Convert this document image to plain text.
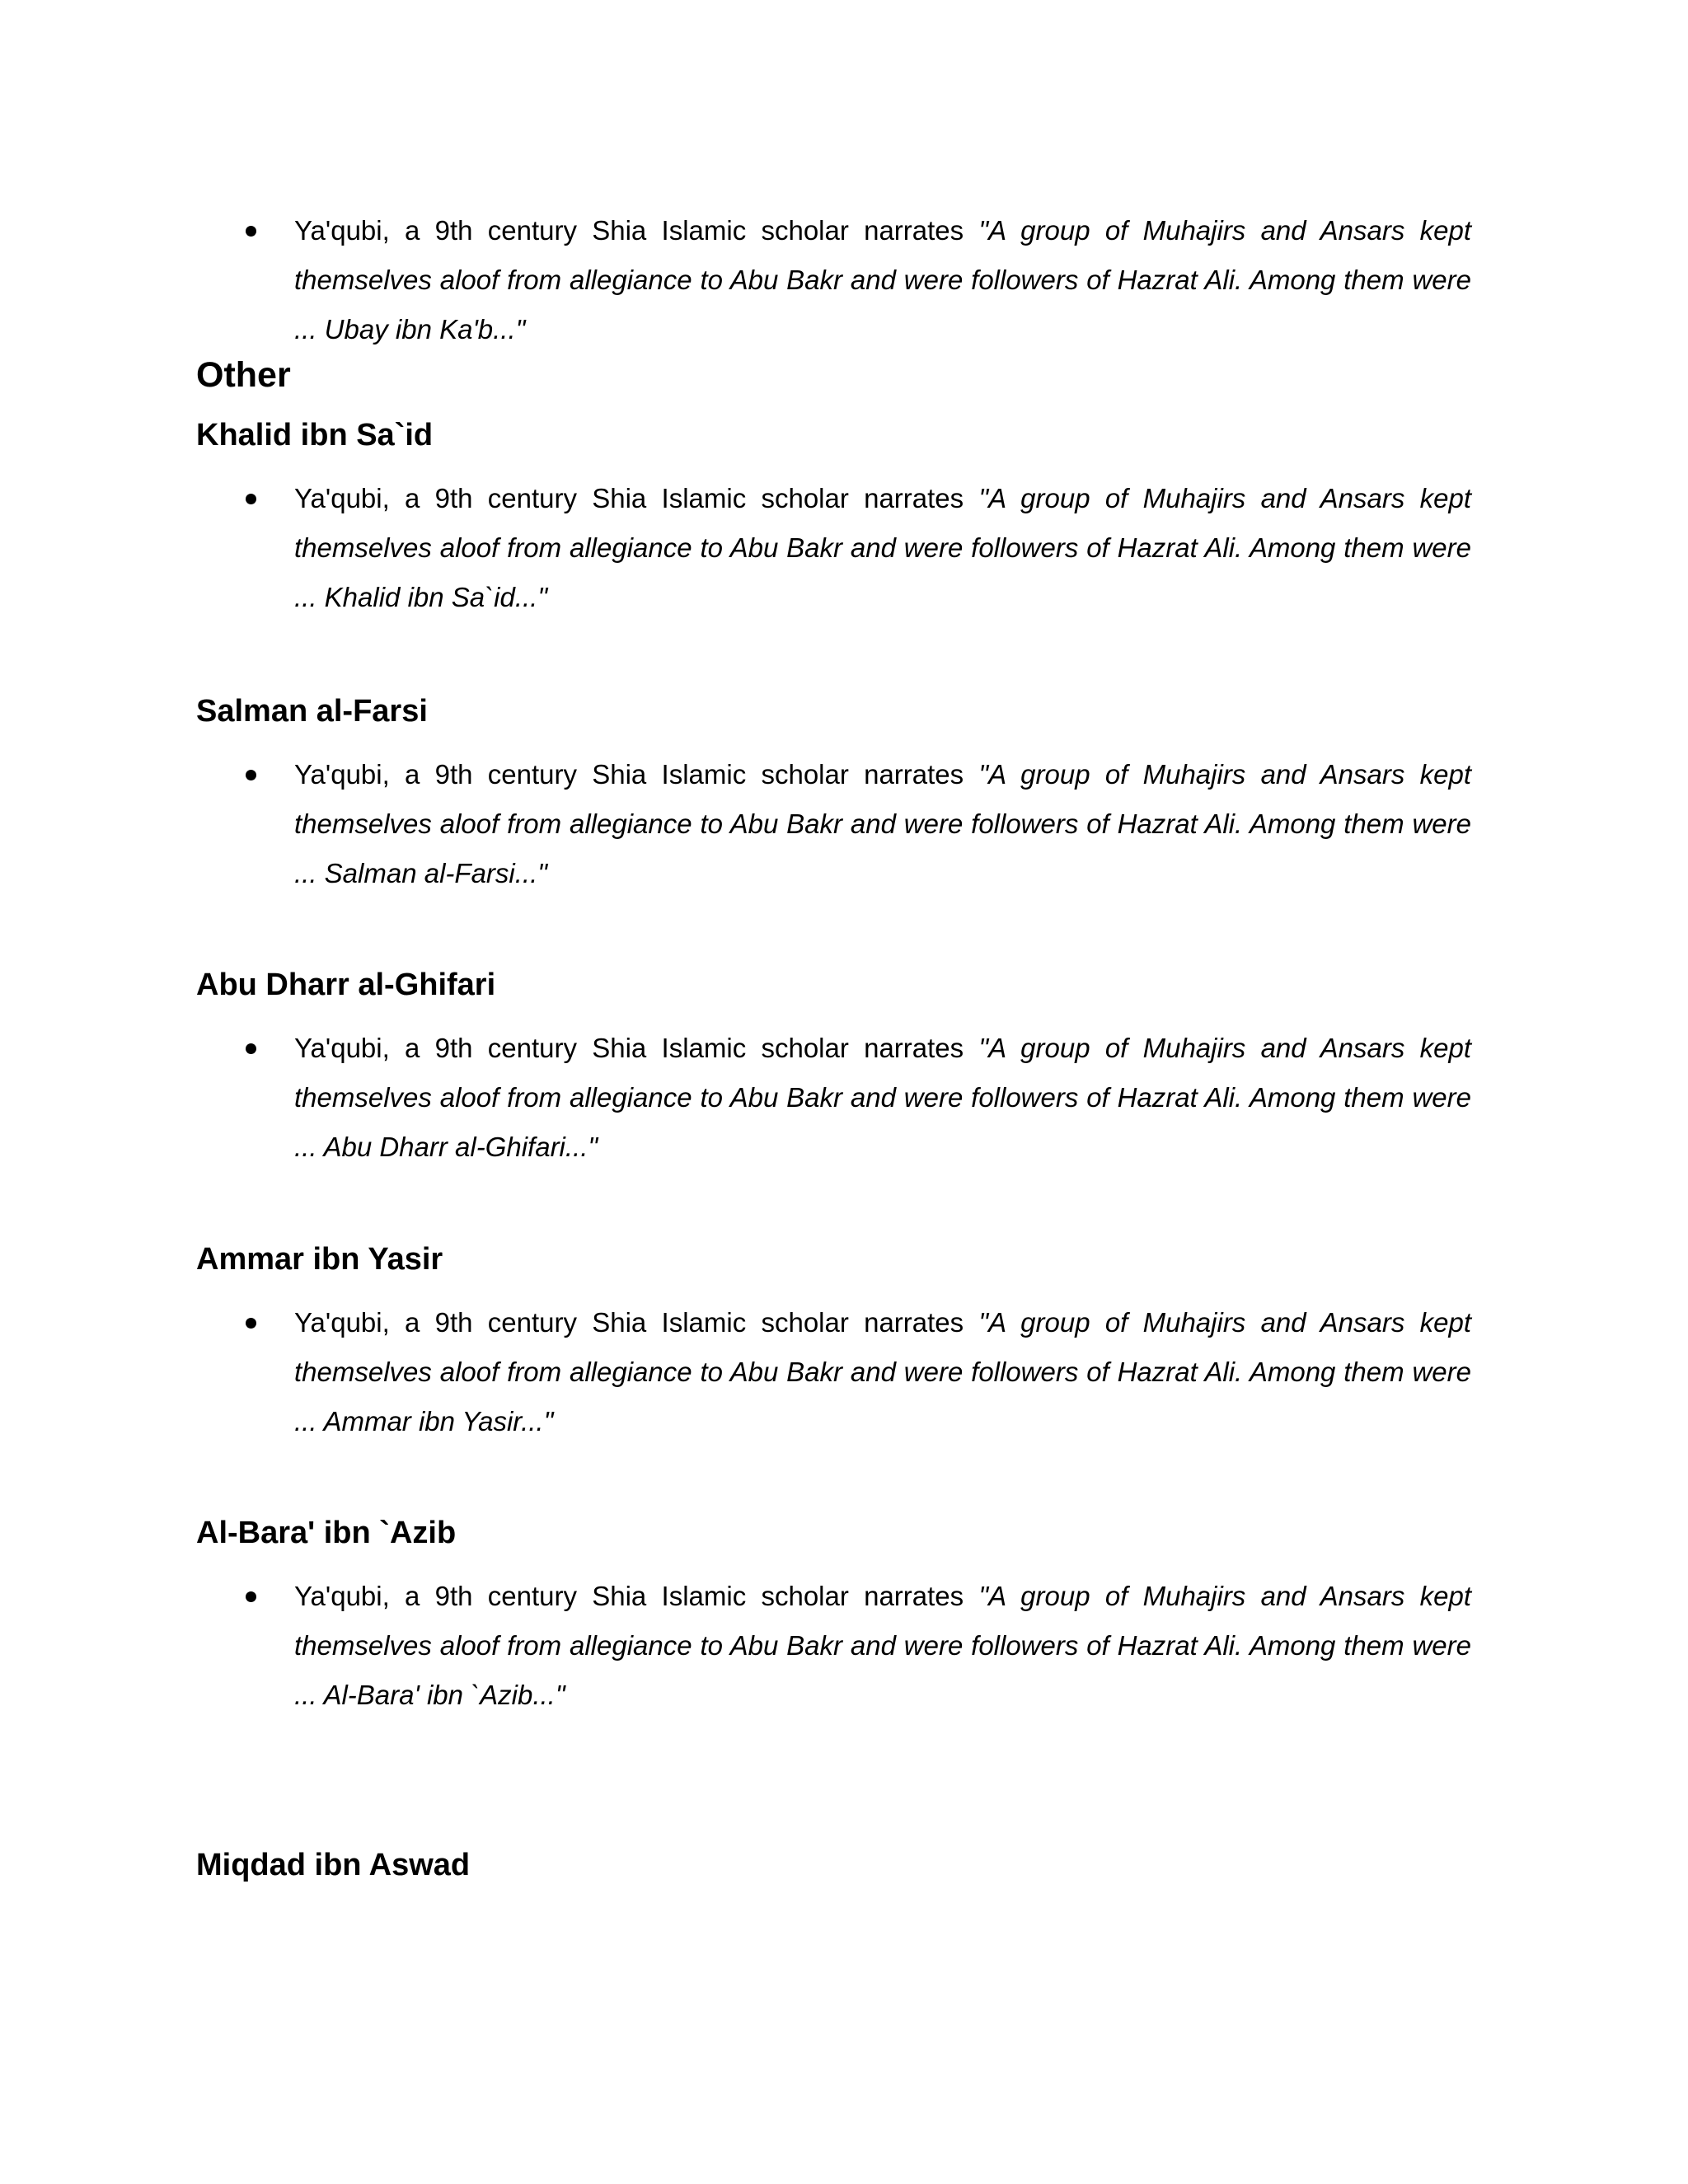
Ya'qubi, a 9th century Shia Islamic scholar narrates "A group of Muhajirs and Ansars kept themselves aloof from allegiance to Abu Bakr and were followers of Hazrat Ali. Among them were ... Ubay ibn Ka'b..."

Other
Khalid ibn Sa`id

Ya'qubi, a 9th century Shia Islamic scholar narrates "A group of Muhajirs and Ansars kept themselves aloof from allegiance to Abu Bakr and were followers of Hazrat Ali. Among them were ... Khalid ibn Sa`id..."

Salman al-Farsi

Ya'qubi, a 9th century Shia Islamic scholar narrates "A group of Muhajirs and Ansars kept themselves aloof from allegiance to Abu Bakr and were followers of Hazrat Ali. Among them were ... Salman al-Farsi..."

Abu Dharr al-Ghifari

Ya'qubi, a 9th century Shia Islamic scholar narrates "A group of Muhajirs and Ansars kept themselves aloof from allegiance to Abu Bakr and were followers of Hazrat Ali. Among them were ... Abu Dharr al-Ghifari..."

Ammar ibn Yasir

Ya'qubi, a 9th century Shia Islamic scholar narrates "A group of Muhajirs and Ansars kept themselves aloof from allegiance to Abu Bakr and were followers of Hazrat Ali. Among them were ... Ammar ibn Yasir..."

Al-Bara' ibn `Azib

Ya'qubi, a 9th century Shia Islamic scholar narrates "A group of Muhajirs and Ansars kept themselves aloof from allegiance to Abu Bakr and were followers of Hazrat Ali. Among them were ... Al-Bara' ibn `Azib..."

Miqdad ibn Aswad
